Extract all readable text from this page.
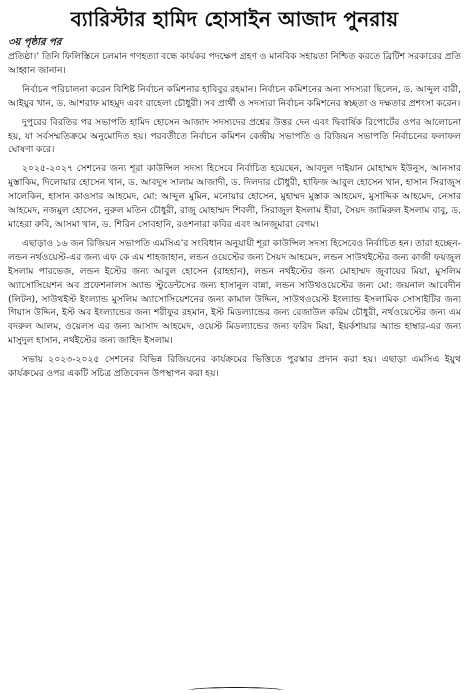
ব্যারিস্টার হামিদ হোসাইন আজাদ পুনরায়

৩য় পৃষ্ঠার পর

প্রতিষ্ঠা।’ তিনি ফিলিস্তিনে চলমান গণহত্যা বন্ধে কার্যকর পদক্ষেপ গ্রহণ ও মানবিক সহায়তা নিশ্চিত করতে ব্রিটিশ সরকারের প্রতি আহ্বান জানান।

নির্বাচন পরিচালনা করেন বিশিষ্ট নির্বাচন কমিশনার হাবিবুর রহমান। নির্বাচন কমিশনের অন্য সদস্যরা ছিলেন, ড. আব্দুল বারী, আইয়ুব খান, ড. আশরাফ মাহমুদ এবং রাহেলা চৌধুরী। সব প্রার্থী ও সদস্যরা নির্বাচন কমিশনের স্বচ্ছতা ও দক্ষতার প্রশংসা করেন।

দুপুরের বিরতির পর সভাপতি হামিদ হোসেন আজাদ সদস্যদের প্রশ্নের উত্তর দেন এবং দ্বিবার্ষিক রিপোর্টের ওপর আলোচনা হয়, যা সর্বসম্মতিক্রমে অনুমোদিত হয়। পরবর্তীতে নির্বাচন কমিশন কেন্দ্রীয় সভাপতি ও রিজিয়ন সভাপতি নির্বাচনের ফলাফল ঘোষণা করে।

২০২৫-২০২৭ সেশনের জন্য শূরা কাউন্সিল সদস্য হিসেবে নির্বাচিত হয়েছেন, আবদুল দাইয়ান মোহাম্মদ ইউনুস, আনসার মুস্তাকিম, দিলোয়ার হোসেন খান, ড. আবদুস সালাম আজাদী, ড. দিলদার চৌধুরী, হাফিজ আবুল হোসেন খান, হাসান সিরাজুস সালেকিন, হাসান কাওসার আহমেদ, মো: আব্দুল মুমিন, মনোয়ার হোসেন, মুহাম্মদ মুস্তাক আহমেদ, মুসাদ্দিক আহমেদ, নেসার আহমেদ, নজমুল হোসেন, নুরুল মতিন চৌধুরী, রাজু মোহাম্মদ শিবলী, সিরাজুল ইসলাম হীরা, সৈয়দ জামিরুল ইসলাম বাবু, ড. মাহেরা রুবি, আসমা খান, ড. শিরিন সোবহানি, রওশনারা কবির এবং আনজুমারা বেগম।

এছাড়াও ১৬ জন রিজিয়ন সভাপতি এমসিএ’র সংবিধান অনুযায়ী শূরা কাউন্সিল সদস্য হিসেবেও নির্বাচিত হন। তারা হচ্ছেন- লন্ডন নর্থওয়েস্ট-এর জন্য এফ কে এম শাহজাহান, লন্ডন ওয়েস্টের জন্য সৈয়দ আহমেদ, লন্ডন সাউথইস্টের জন্য কাজী ফয়জুল ইসলাম পারভেজ, লন্ডন ইস্টের জন্য আবুল হোসেন (রাহহান), লন্ডন নর্থইস্টের জন্য মোহাম্মদ জুবায়ের মিয়া, মুসলিম অ্যাসোসিয়েশন অব প্রফেশনালস অ্যান্ড স্টুডেন্টসের জন্য হাসানুল বান্না, লন্ডন সাউথওয়েস্টের জন্য মো: জয়নাল আবেদীন (লিটন), সাউথইস্ট ইংল্যান্ড মুসলিম অ্যাসোসিয়েশনের জন্য কামাল উদ্দিন, সাউথওয়েস্ট ইংল্যান্ড ইসলামিক সোসাইটির জন্য গিয়াস উদ্দিন, ইস্ট অব ইংল্যান্ডের জন্য শরীফুর রহমান, ইস্ট মিডল্যান্ডের জন্য রেজাউল করিম চৌধুরী, নর্থওয়েস্টের জন্য এম বদরুল আলম, ওয়েলস এর জন্য আসাদ আহমেদ, ওয়েস্ট মিডল্যান্ডের জন্য ফরিদ মিয়া, ইয়র্কশায়ার অ্যান্ড হাম্বার-এর জন্য মাসুদুল হাসান, নর্থইস্টের জন্য জাহিদ ইসলাম।

সভায় ২০২৩-২০২৫ সেশনের বিভিন্ন রিজিয়নের কার্যক্রমের ভিত্তিতে পুরস্কার প্রদান করা হয়। এছাড়া এমসিএ ইয়ুথ কার্যক্রমের ওপর একটি সচিত্র প্রতিবেদন উপস্থাপন করা হয়।
